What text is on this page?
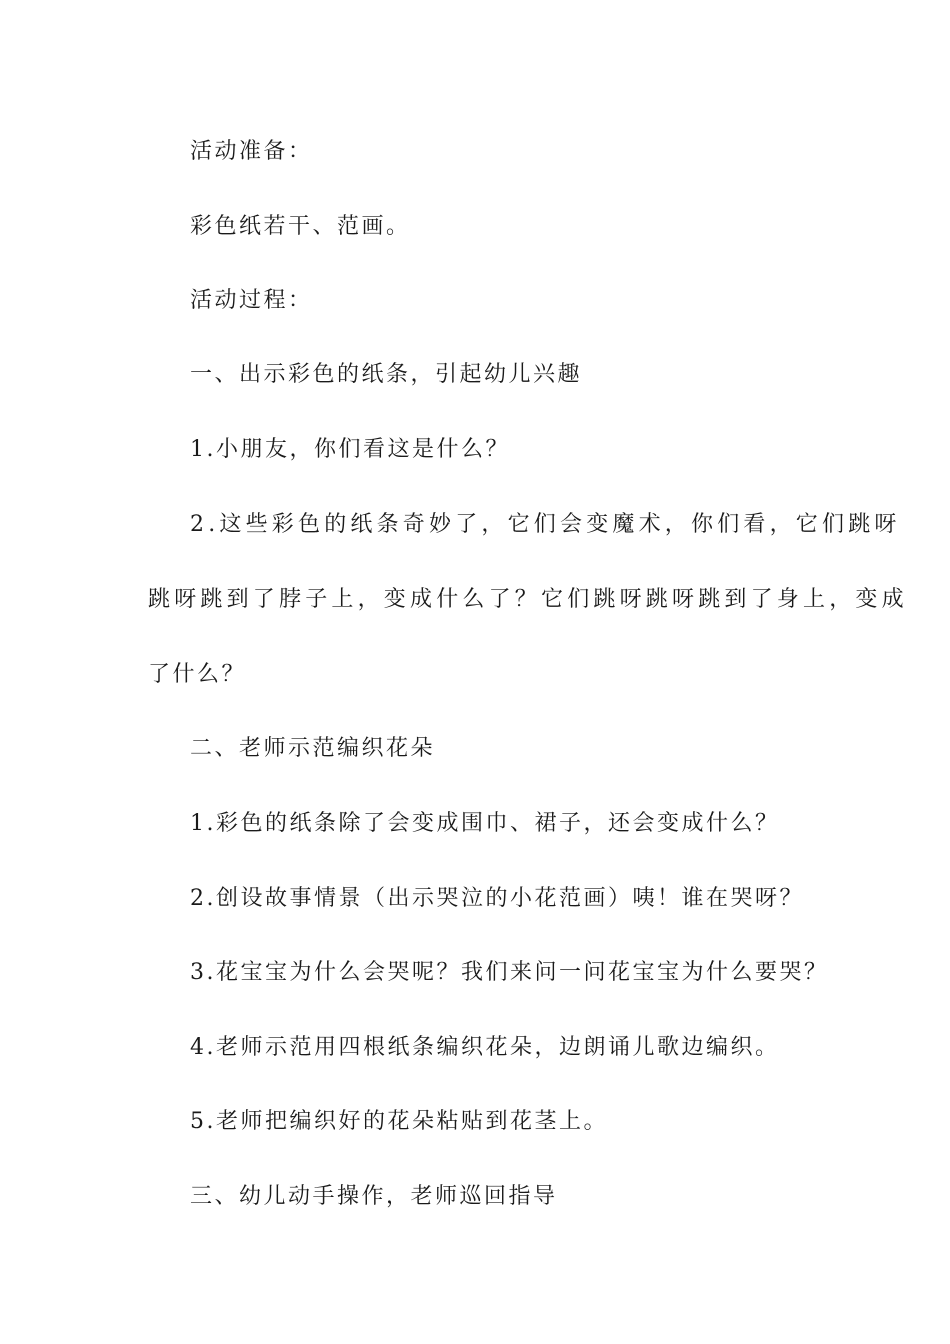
活动准备：
彩色纸若干、范画。
活动过程：
一、出示彩色的纸条，引起幼儿兴趣
1.小朋友，你们看这是什么？
2.这些彩色的纸条奇妙了，它们会变魔术，你们看，它们跳呀
跳呀跳到了脖子上，变成什么了？它们跳呀跳呀跳到了身上，变成
了什么？
二、老师示范编织花朵
1.彩色的纸条除了会变成围巾、裙子，还会变成什么？
2.创设故事情景（出示哭泣的小花范画）咦！谁在哭呀？
3.花宝宝为什么会哭呢？我们来问一问花宝宝为什么要哭？
4.老师示范用四根纸条编织花朵，边朗诵儿歌边编织。
5.老师把编织好的花朵粘贴到花茎上。
三、幼儿动手操作，老师巡回指导
